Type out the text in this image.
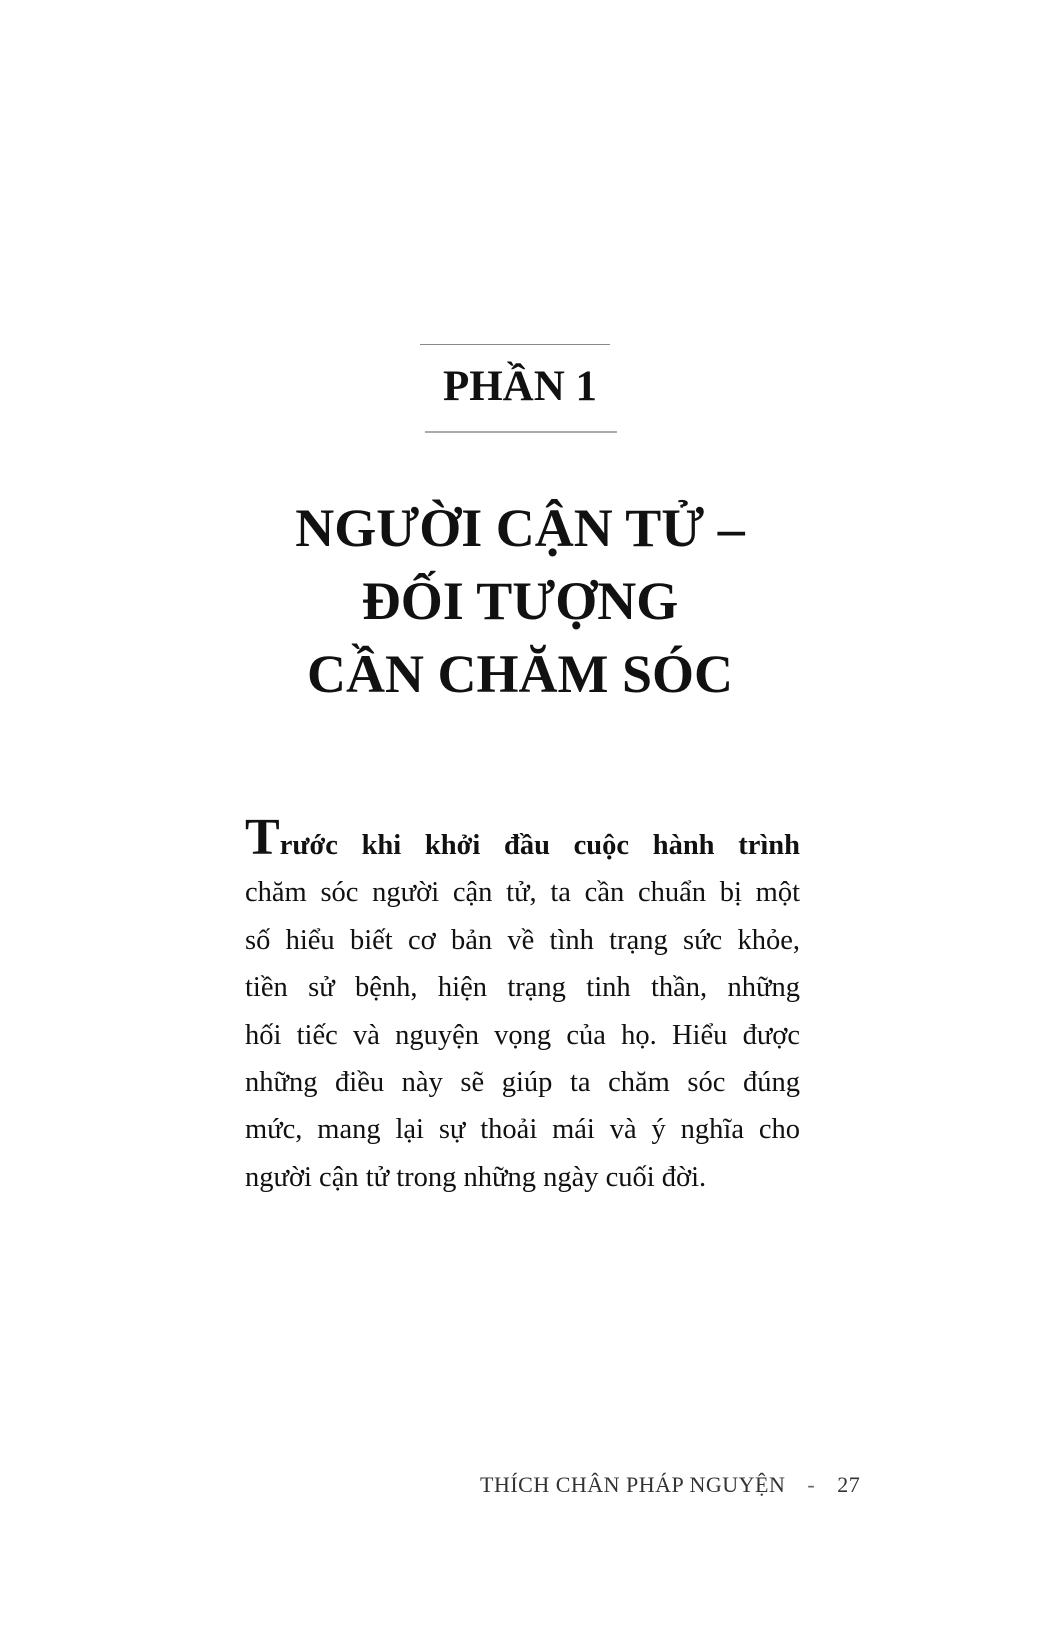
PHẦN 1
NGƯỜI CẬN TỬ –
ĐỐI TƯỢNG
CẦN CHĂM SÓC
Trước khi khởi đầu cuộc hành trình
chăm sóc người cận tử, ta cần chuẩn bị một
số hiểu biết cơ bản về tình trạng sức khỏe,
tiền sử bệnh, hiện trạng tinh thần, những
hối tiếc và nguyện vọng của họ. Hiểu được
những điều này sẽ giúp ta chăm sóc đúng
mức, mang lại sự thoải mái và ý nghĩa cho
người cận tử trong những ngày cuối đời.
THÍCH CHÂN PHÁP NGUYỆN - 27
